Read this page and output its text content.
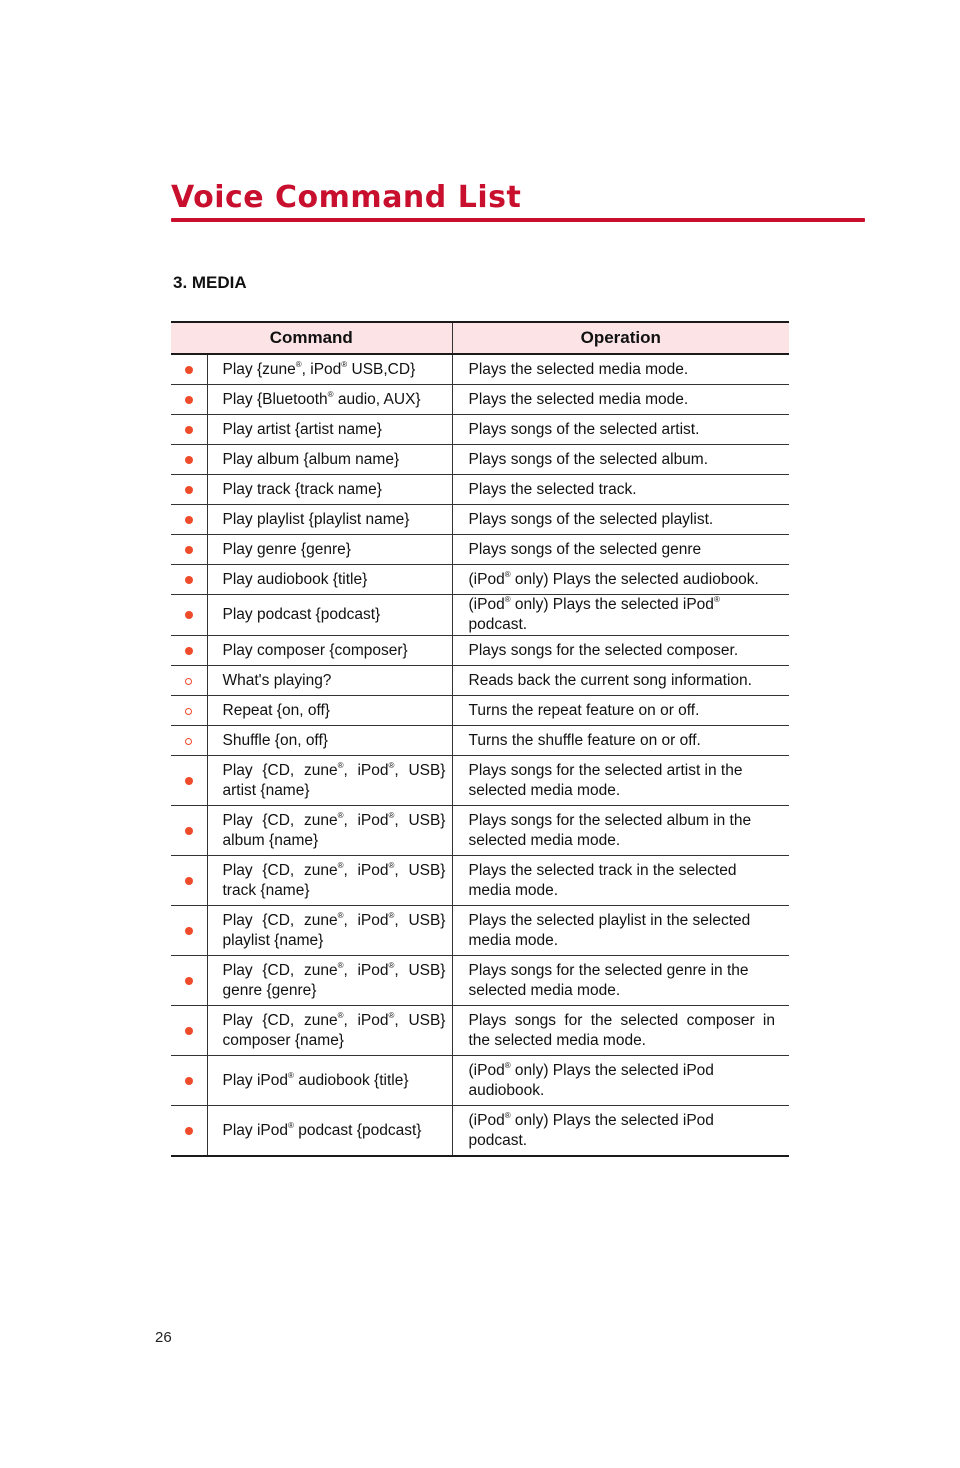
Voice Command List
3. MEDIA
Command		Operation
	Play {zune®, iPod® USB,CD}	Plays the selected media mode.
	Play {Bluetooth® audio, AUX}	Plays the selected media mode.
	Play artist {artist name}	Plays songs of the selected artist.
	Play album {album name}	Plays songs of the selected album.
	Play track {track name}	Plays the selected track.
	Play playlist {playlist name}	Plays songs of the selected playlist.
	Play genre {genre}	Plays songs of the selected genre
	Play audiobook {title}	(iPod® only) Plays the selected audiobook.
	Play podcast {podcast}	(iPod® only) Plays the selected iPod® podcast.
	Play composer {composer}	Plays songs for the selected composer.
	What's playing?	Reads back the current song information.
	Repeat {on, off}	Turns the repeat feature on or off.
	Shuffle {on, off}	Turns the shuffle feature on or off.
	Play {CD, zune®, iPod®, USB} artist {name}	Plays songs for the selected artist in the selected media mode.
	Play {CD, zune®, iPod®, USB} album {name}	Plays songs for the selected album in the selected media mode.
	Play {CD, zune®, iPod®, USB} track {name}	Plays the selected track in the selected media mode.
	Play {CD, zune®, iPod®, USB} playlist {name}	Plays the selected playlist in the selected media mode.
	Play {CD, zune®, iPod®, USB} genre {genre}	Plays songs for the selected genre in the selected media mode.
	Play {CD, zune®, iPod®, USB} composer {name}	Plays songs for the selected composer in the selected media mode.
	Play iPod® audiobook {title}	(iPod® only) Plays the selected iPod audiobook.
	Play iPod® podcast {podcast}	(iPod® only) Plays the selected iPod podcast.

26
